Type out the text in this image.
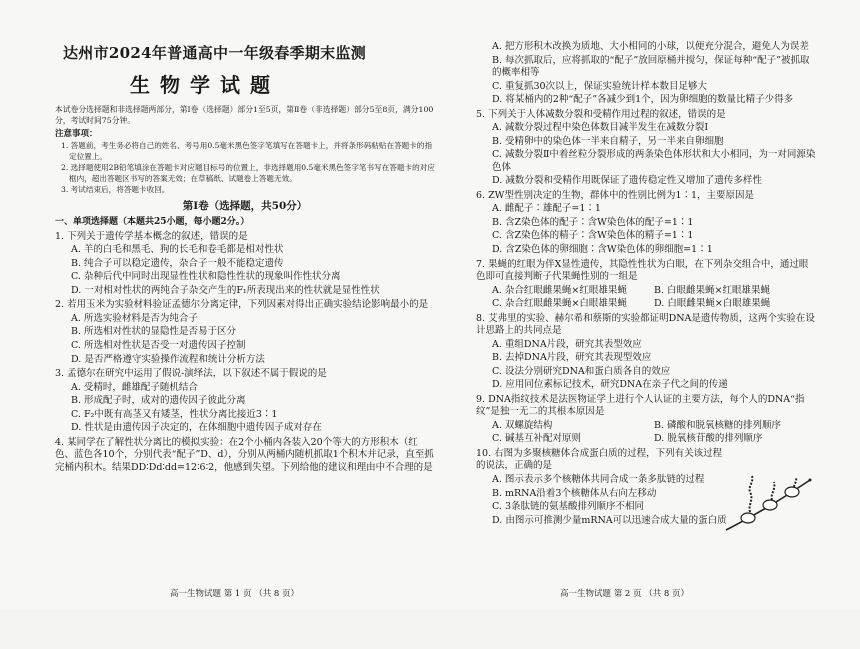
达州市2024年普通高中一年级春季期末监测
生物学试题
本试卷分选择题和非选择题两部分，第Ⅰ卷（选择题）部分1至5页，第Ⅱ卷（非选择题）部分5至8页，满分100分，考试时间75分钟。
注意事项：
1. 答题前，考生务必将自己的姓名、考号用0.5毫米黑色签字笔填写在答题卡上，并将条形码粘贴在答题卡的指定位置上。
2. 选择题使用2B铅笔填涂在答题卡对应题目标号的位置上，非选择题用0.5毫米黑色签字笔书写在答题卡的对应框内，超出答题区书写的答案无效；在草稿纸、试题卷上答题无效。
3. 考试结束后，将答题卡收回。
第Ⅰ卷（选择题，共50分）
一、单项选择题（本题共25小题，每小题2分。）
1. 下列关于遗传学基本概念的叙述，错误的是
A. 羊的白毛和黑毛、狗的长毛和卷毛都是相对性状
B. 纯合子可以稳定遗传，杂合子一般不能稳定遗传
C. 杂种后代中同时出现显性性状和隐性性状的现象叫作性状分离
D. 一对相对性状的两纯合子杂交产生的F₁所表现出来的性状就是显性性状
2. 若用玉米为实验材料验证孟德尔分离定律，下列因素对得出正确实验结论影响最小的是
A. 所选实验材料是否为纯合子
B. 所选相对性状的显隐性是否易于区分
C. 所选相对性状是否受一对遗传因子控制
D. 是否严格遵守实验操作流程和统计分析方法
3. 孟德尔在研究中运用了假说-演绎法，以下叙述不属于假说的是
A. 受精时，雌雄配子随机结合
B. 形成配子时，成对的遗传因子彼此分离
C. F₂中既有高茎又有矮茎，性状分离比接近3∶1
D. 性状是由遗传因子决定的，在体细胞中遗传因子成对存在
4. 某同学在了解性状分离比的模拟实验：在2个小桶内各装入20个等大的方形积木（红色、蓝色各10个，分别代表“配子”D、d），分别从两桶内随机抓取1个积木并记录，直至抓完桶内积木。结果DD∶Dd∶dd=12∶6∶2，他感到失望。下列给他的建议和理由中不合理的是
高一生物试题 第 1 页 （共 8 页）
A. 把方形积木改换为质地、大小相同的小球，以便充分混合，避免人为误差
B. 每次抓取后，应将抓取的“配子”放回原桶并搅匀，保证每种“配子”被抓取的概率相等
C. 重复抓30次以上，保证实验统计样本数目足够大
D. 将某桶内的2种“配子”各减少到1个，因为卵细胞的数量比精子少得多
5. 下列关于人体减数分裂和受精作用过程的叙述，错误的是
A. 减数分裂过程中染色体数目减半发生在减数分裂Ⅰ
B. 受精卵中的染色体一半来自精子，另一半来自卵细胞
C. 减数分裂Ⅱ中着丝粒分裂形成的两条染色体形状和大小相同，为一对同源染色体
D. 减数分裂和受精作用既保证了遗传稳定性又增加了遗传多样性
6. ZW型性别决定的生物，群体中的性别比例为1∶1，主要原因是
A. 雌配子∶雄配子=1∶1
B. 含Z染色体的配子∶含W染色体的配子=1∶1
C. 含Z染色体的精子∶含W染色体的精子=1∶1
D. 含Z染色体的卵细胞∶含W染色体的卵细胞=1∶1
7. 果蝇的红眼为伴X显性遗传，其隐性性状为白眼，在下列杂交组合中，通过眼色即可直接判断子代果蝇性别的一组是
A. 杂合红眼雌果蝇×红眼雄果蝇	B. 白眼雌果蝇×红眼雄果蝇
C. 杂合红眼雌果蝇×白眼雄果蝇	D. 白眼雌果蝇×白眼雄果蝇
8. 艾弗里的实验、赫尔希和蔡斯的实验都证明DNA是遗传物质，这两个实验在设计思路上的共同点是
A. 重组DNA片段，研究其表型效应
B. 去掉DNA片段，研究其表现型效应
C. 设法分别研究DNA和蛋白质各自的效应
D. 应用同位素标记技术，研究DNA在亲子代之间的传递
9. DNA指纹技术是法医物证学上进行个人认证的主要方法，每个人的DNA“指纹”是独一无二的其根本原因是
A. 双螺旋结构	B. 磷酸和脱氧核糖的排列顺序
C. 碱基互补配对原则	D. 脱氧核苷酸的排列顺序
10. 右图为多聚核糖体合成蛋白质的过程，下列有关该过程的说法，正确的是
A. 图示表示多个核糖体共同合成一条多肽链的过程
B. mRNA沿着3个核糖体从右向左移动
C. 3条肽链的氨基酸排列顺序不相同
D. 由图示可推测少量mRNA可以迅速合成大量的蛋白质
高一生物试题 第 2 页 （共 8 页）
